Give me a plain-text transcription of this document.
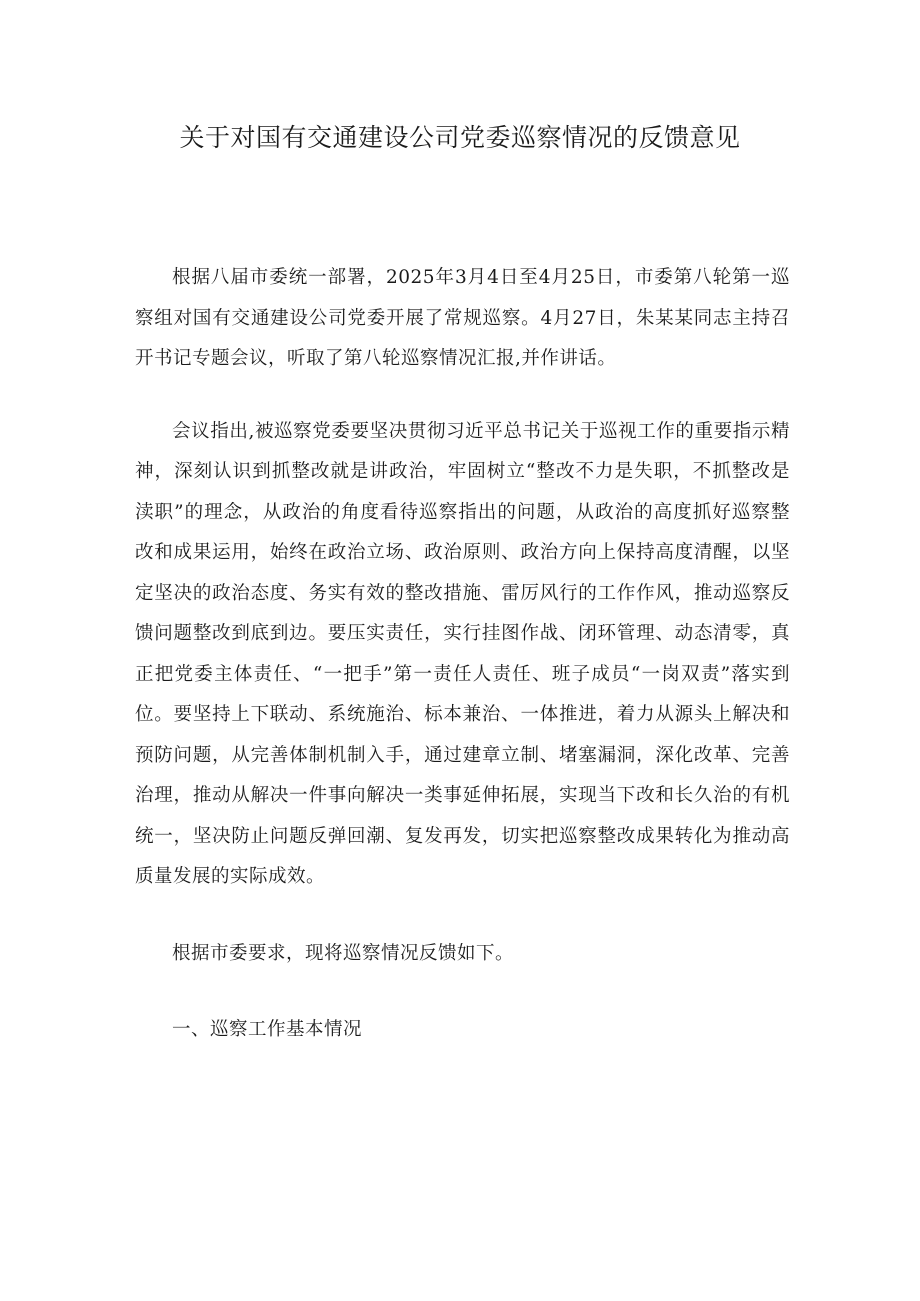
关于对国有交通建设公司党委巡察情况的反馈意见

根据八届市委统一部署，2025年3月4日至4月25日，市委第八轮第一巡察组对国有交通建设公司党委开展了常规巡察。4月27日，朱某某同志主持召开书记专题会议，听取了第八轮巡察情况汇报,并作讲话。

会议指出,被巡察党委要坚决贯彻习近平总书记关于巡视工作的重要指示精神，深刻认识到抓整改就是讲政治，牢固树立“整改不力是失职，不抓整改是渎职”的理念，从政治的角度看待巡察指出的问题，从政治的高度抓好巡察整改和成果运用，始终在政治立场、政治原则、政治方向上保持高度清醒，以坚定坚决的政治态度、务实有效的整改措施、雷厉风行的工作作风，推动巡察反馈问题整改到底到边。要压实责任，实行挂图作战、闭环管理、动态清零，真正把党委主体责任、“一把手”第一责任人责任、班子成员“一岗双责”落实到位。要坚持上下联动、系统施治、标本兼治、一体推进，着力从源头上解决和预防问题，从完善体制机制入手，通过建章立制、堵塞漏洞，深化改革、完善治理，推动从解决一件事向解决一类事延伸拓展，实现当下改和长久治的有机统一，坚决防止问题反弹回潮、复发再发，切实把巡察整改成果转化为推动高质量发展的实际成效。

根据市委要求，现将巡察情况反馈如下。

一、巡察工作基本情况
